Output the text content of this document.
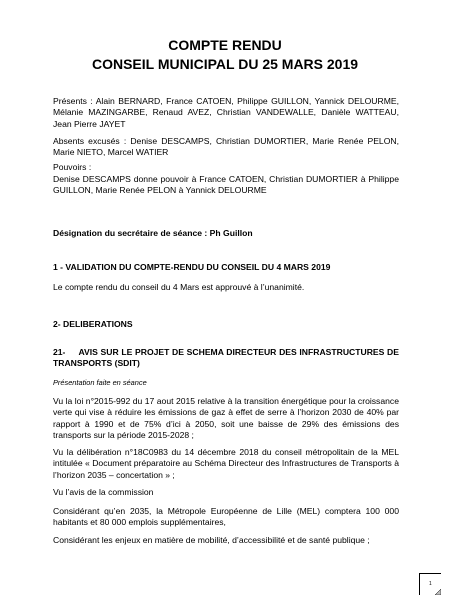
COMPTE RENDU
CONSEIL MUNICIPAL DU 25 MARS 2019
Présents : Alain BERNARD, France CATOEN, Philippe GUILLON, Yannick DELOURME, Mélanie MAZINGARBE, Renaud AVEZ, Christian VANDEWALLE, Danièle WATTEAU, Jean Pierre JAYET
Absents excusés : Denise DESCAMPS, Christian DUMORTIER, Marie Renée PELON, Marie NIETO, Marcel WATIER
Pouvoirs :
Denise DESCAMPS donne pouvoir à France CATOEN, Christian DUMORTIER à Philippe GUILLON, Marie Renée PELON à Yannick DELOURME
Désignation du secrétaire de séance : Ph Guillon
1 - VALIDATION DU COMPTE-RENDU DU CONSEIL DU 4 MARS 2019
Le compte rendu du conseil du 4 Mars est approuvé à l’unanimité.
2- DELIBERATIONS
21- AVIS SUR LE PROJET DE SCHEMA DIRECTEUR DES INFRASTRUCTURES DE TRANSPORTS (SDIT)
Présentation faite en séance
Vu la loi n°2015-992 du 17 aout 2015 relative à la transition énergétique pour la croissance verte qui vise à réduire les émissions de gaz à effet de serre à l’horizon 2030 de 40% par rapport à 1990 et de 75% d’ici à 2050, soit une baisse de 29% des émissions des transports sur la période 2015-2028 ;
Vu la délibération n°18C0983 du 14 décembre 2018 du conseil métropolitain de la MEL intitulée « Document préparatoire au Schéma Directeur des Infrastructures de Transports à l’horizon 2035 – concertation » ;
Vu l’avis de la commission
Considérant qu’en 2035, la Métropole Européenne de Lille (MEL) comptera 100 000 habitants et 80 000 emplois supplémentaires,
Considérant les enjeux en matière de mobilité, d’accessibilité et de santé publique ;
1
